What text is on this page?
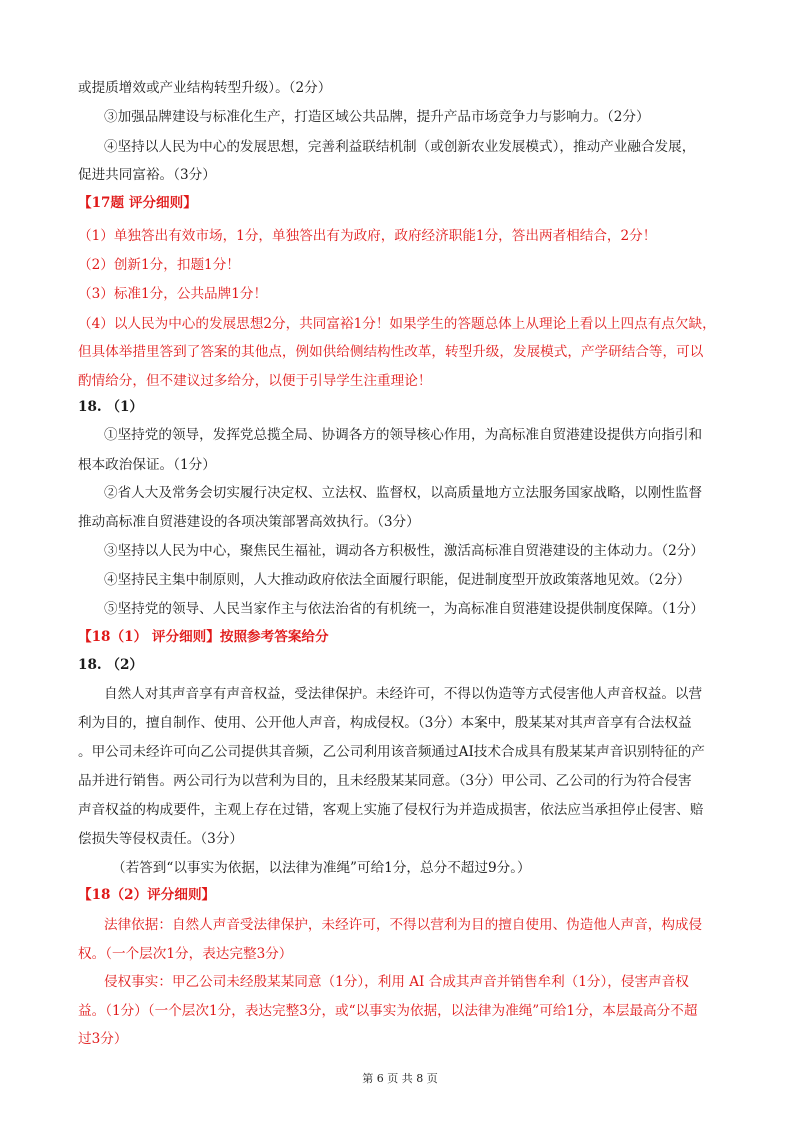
或提质增效或产业结构转型升级）。（2分）
③加强品牌建设与标准化生产，打造区域公共品牌，提升产品市场竞争力与影响力。（2分）
④坚持以人民为中心的发展思想，完善利益联结机制（或创新农业发展模式），推动产业融合发展，
促进共同富裕。（3分）
【17题 评分细则】
（1）单独答出有效市场，1分，单独答出有为政府，政府经济职能1分，答出两者相结合，2分！
（2）创新1分，扣题1分！
（3）标准1分，公共品牌1分！
（4）以人民为中心的发展思想2分，共同富裕1分！如果学生的答题总体上从理论上看以上四点有点欠缺，
但具体举措里答到了答案的其他点，例如供给侧结构性改革，转型升级，发展模式，产学研结合等，可以
酌情给分，但不建议过多给分，以便于引导学生注重理论！
18. （1）
①坚持党的领导，发挥党总揽全局、协调各方的领导核心作用，为高标准自贸港建设提供方向指引和
根本政治保证。（1分）
②省人大及常务会切实履行决定权、立法权、监督权，以高质量地方立法服务国家战略，以刚性监督
推动高标准自贸港建设的各项决策部署高效执行。（3分）
③坚持以人民为中心，聚焦民生福祉，调动各方积极性，激活高标准自贸港建设的主体动力。（2分）
④坚持民主集中制原则，人大推动政府依法全面履行职能，促进制度型开放政策落地见效。（2分）
⑤坚持党的领导、人民当家作主与依法治省的有机统一，为高标准自贸港建设提供制度保障。（1分）
【18（1） 评分细则】按照参考答案给分
18. （2）
自然人对其声音享有声音权益，受法律保护。未经许可，不得以伪造等方式侵害他人声音权益。以营
利为目的，擅自制作、使用、公开他人声音，构成侵权。（3分）本案中，殷某某对其声音享有合法权益
。甲公司未经许可向乙公司提供其音频，乙公司利用该音频通过AI技术合成具有殷某某声音识别特征的产
品并进行销售。两公司行为以营利为目的，且未经殷某某同意。（3分）甲公司、乙公司的行为符合侵害
声音权益的构成要件，主观上存在过错，客观上实施了侵权行为并造成损害，依法应当承担停止侵害、赔
偿损失等侵权责任。（3分）
（若答到“以事实为依据，以法律为准绳”可给1分，总分不超过9分。）
【18（2）评分细则】
法律依据：自然人声音受法律保护，未经许可，不得以营利为目的擅自使用、伪造他人声音，构成侵
权。（一个层次1分，表达完整3分）
侵权事实：甲乙公司未经殷某某同意（1分），利用 AI 合成其声音并销售牟利（1分），侵害声音权
益。（1分）（一个层次1分，表达完整3分，或“以事实为依据，以法律为准绳”可给1分，本层最高分不超
过3分）
第 6 页 共 8 页
